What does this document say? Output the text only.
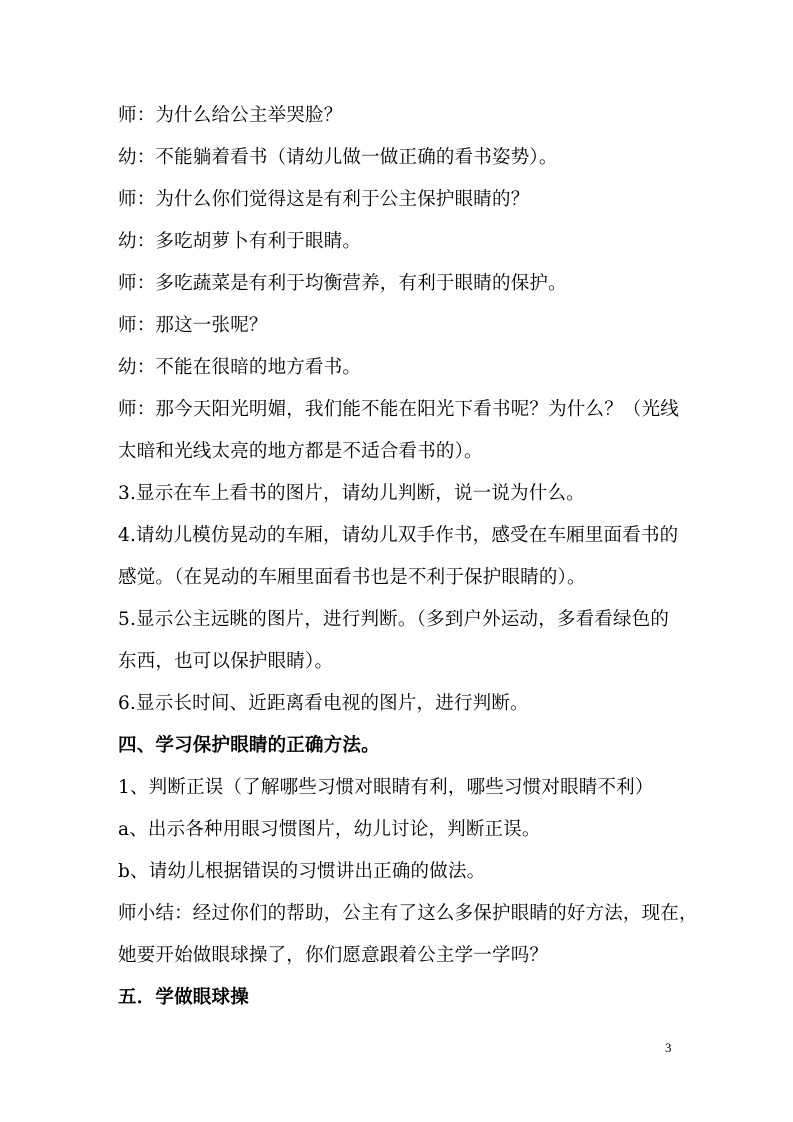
师：为什么给公主举哭脸？
幼：不能躺着看书（请幼儿做一做正确的看书姿势）。
师：为什么你们觉得这是有利于公主保护眼睛的？
幼：多吃胡萝卜有利于眼睛。
师：多吃蔬菜是有利于均衡营养，有利于眼睛的保护。
师：那这一张呢？
幼：不能在很暗的地方看书。
师：那今天阳光明媚，我们能不能在阳光下看书呢？为什么？（光线
太暗和光线太亮的地方都是不适合看书的）。
3.显示在车上看书的图片，请幼儿判断，说一说为什么。
4.请幼儿模仿晃动的车厢，请幼儿双手作书，感受在车厢里面看书的
感觉。（在晃动的车厢里面看书也是不利于保护眼睛的）。
5.显示公主远眺的图片，进行判断。（多到户外运动，多看看绿色的
东西，也可以保护眼睛）。
6.显示长时间、近距离看电视的图片，进行判断。
四、学习保护眼睛的正确方法。
1、判断正误（了解哪些习惯对眼睛有利，哪些习惯对眼睛不利）
a、出示各种用眼习惯图片，幼儿讨论，判断正误。
b、请幼儿根据错误的习惯讲出正确的做法。
师小结：经过你们的帮助，公主有了这么多保护眼睛的好方法，现在，
她要开始做眼球操了，你们愿意跟着公主学一学吗？
五．学做眼球操
3
